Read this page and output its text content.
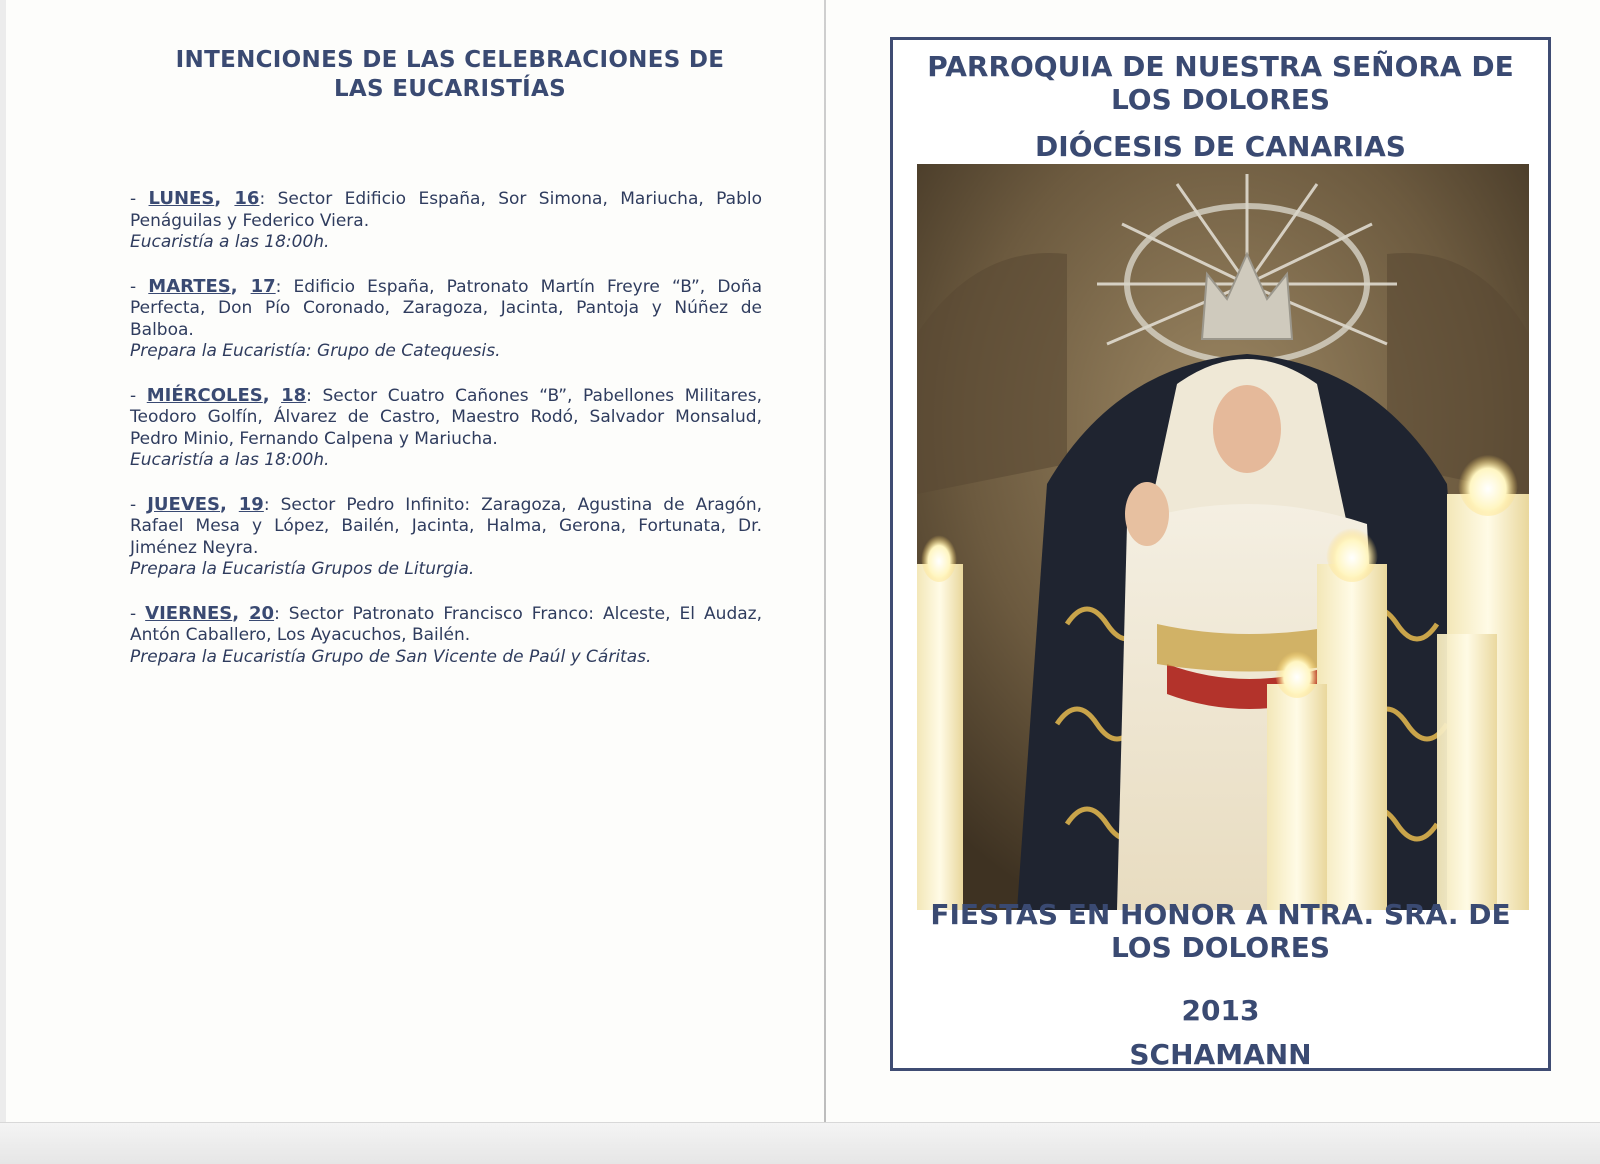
INTENCIONES DE LAS CELEBRACIONES DE
LAS EUCARISTÍAS

- LUNES, 16: Sector Edificio España, Sor Simona, Mariucha, Pablo Penáguilas y Federico Viera.

Eucaristía a las 18:00h.

- MARTES, 17: Edificio España, Patronato Martín Freyre “B”, Doña Perfecta, Don Pío Coronado, Zaragoza, Jacinta, Pantoja y Núñez de Balboa.

Prepara la Eucaristía: Grupo de Catequesis.

- MIÉRCOLES, 18: Sector Cuatro Cañones “B”, Pabellones Militares, Teodoro Golfín, Álvarez de Castro, Maestro Rodó, Salvador Monsalud, Pedro Minio, Fernando Calpena y Mariucha.

Eucaristía a las 18:00h.

- JUEVES, 19: Sector Pedro Infinito: Zaragoza, Agustina de Aragón, Rafael Mesa y López, Bailén, Jacinta, Halma, Gerona, Fortunata, Dr. Jiménez Neyra.

Prepara la Eucaristía Grupos de Liturgia.

- VIERNES, 20: Sector Patronato Francisco Franco: Alceste, El Audaz, Antón Caballero, Los Ayacuchos, Bailén.

Prepara la Eucaristía Grupo de San Vicente de Paúl y Cáritas.

PARROQUIA DE NUESTRA SEÑORA DE
LOS DOLORES
DIÓCESIS DE CANARIAS
FIESTAS EN HONOR A NTRA. SRA. DE
LOS DOLORES
2013
SCHAMANN
